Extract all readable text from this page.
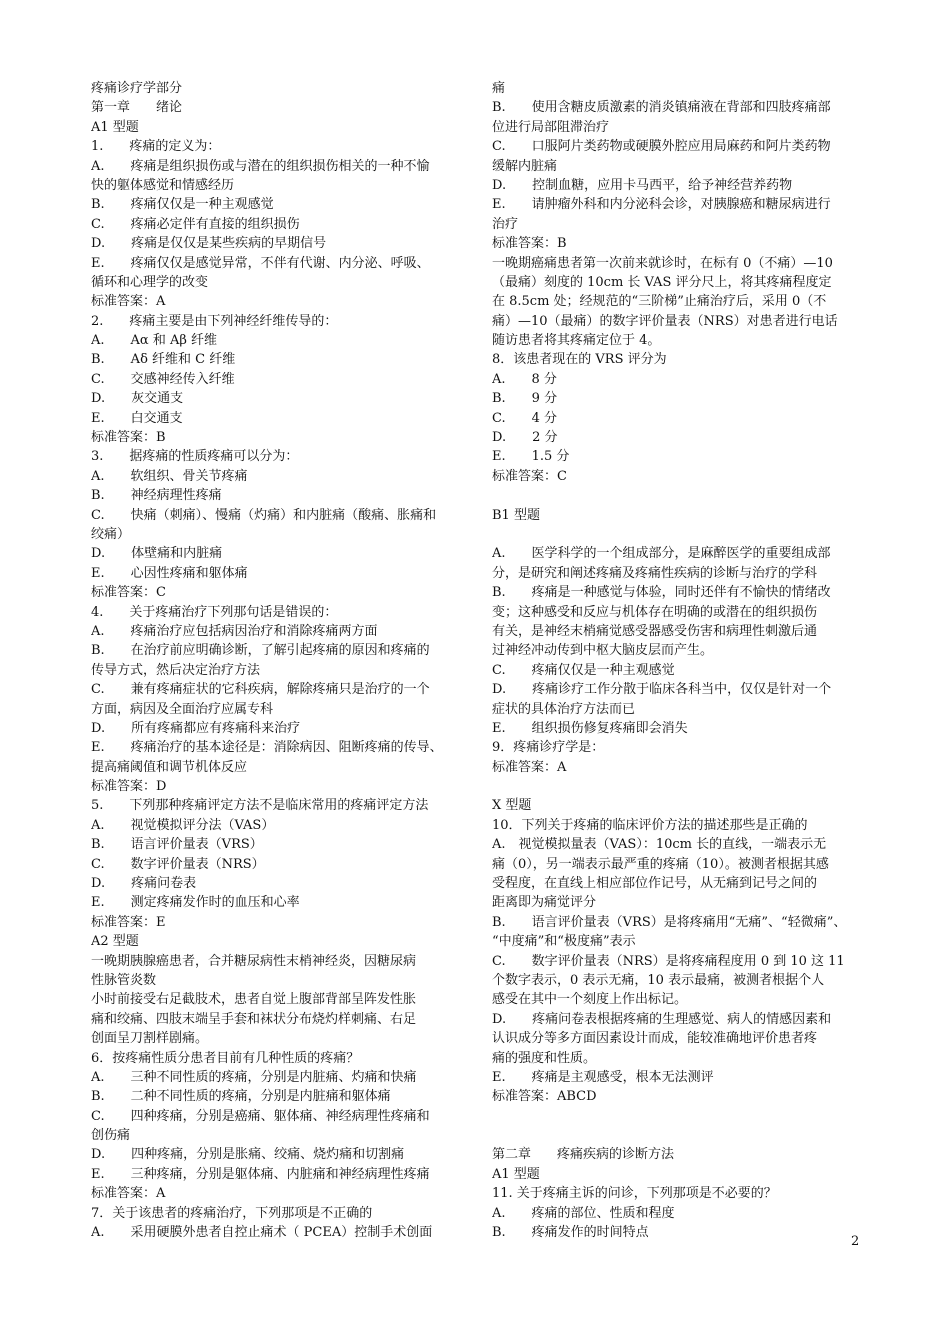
疼痛诊疗学部分
第一章　　绪论
A1 型题
1.　　疼痛的定义为：
A.　　疼痛是组织损伤或与潜在的组织损伤相关的一种不愉
快的躯体感觉和情感经历
B.　　疼痛仅仅是一种主观感觉
C.　　疼痛必定伴有直接的组织损伤
D.　　疼痛是仅仅是某些疾病的早期信号
E.　　疼痛仅仅是感觉异常，不伴有代谢、内分泌、呼吸、
循环和心理学的改变
标准答案：A
2.　　疼痛主要是由下列神经纤维传导的：
A.　　Aα 和 Aβ 纤维
B.　　Aδ 纤维和 C 纤维
C.　　交感神经传入纤维
D.　　灰交通支
E.　　白交通支
标准答案：B
3.　　据疼痛的性质疼痛可以分为：
A.　　软组织、骨关节疼痛
B.　　神经病理性疼痛
C.　　快痛（刺痛）、慢痛（灼痛）和内脏痛（酸痛、胀痛和
绞痛）
D.　　体壁痛和内脏痛
E.　　心因性疼痛和躯体痛
标准答案：C
4.　　关于疼痛治疗下列那句话是错误的：
A.　　疼痛治疗应包括病因治疗和消除疼痛两方面
B.　　在治疗前应明确诊断，了解引起疼痛的原因和疼痛的
传导方式，然后决定治疗方法
C.　　兼有疼痛症状的它科疾病，解除疼痛只是治疗的一个
方面，病因及全面治疗应属专科
D.　　所有疼痛都应有疼痛科来治疗
E.　　疼痛治疗的基本途径是：消除病因、阻断疼痛的传导、
提高痛阈值和调节机体反应
标准答案：D
5.　　下列那种疼痛评定方法不是临床常用的疼痛评定方法
A.　　视觉模拟评分法（VAS）
B.　　语言评价量表（VRS）
C.　　数字评价量表（NRS）
D.　　疼痛问卷表
E.　　测定疼痛发作时的血压和心率
标准答案：E
A2 型题
一晚期胰腺癌患者，合并糖尿病性末梢神经炎，因糖尿病
性脉管炎数
小时前接受右足截肢术，患者自觉上腹部背部呈阵发性胀
痛和绞痛、四肢末端呈手套和袜状分布烧灼样刺痛、右足
创面呈刀割样剧痛。
6．按疼痛性质分患者目前有几种性质的疼痛？
A.　　三种不同性质的疼痛，分别是内脏痛、灼痛和快痛
B.　　二种不同性质的疼痛，分别是内脏痛和躯体痛
C.　　四种疼痛，分别是癌痛、躯体痛、神经病理性疼痛和
创伤痛
D.　　四种疼痛，分别是胀痛、绞痛、烧灼痛和切割痛
E.　　三种疼痛，分别是躯体痛、内脏痛和神经病理性疼痛
标准答案：A
7．关于该患者的疼痛治疗，下列那项是不正确的
A.　　采用硬膜外患者自控止痛术（ PCEA）控制手术创面
痛
B.　　使用含糖皮质激素的消炎镇痛液在背部和四肢疼痛部
位进行局部阻滞治疗
C.　　口服阿片类药物或硬膜外腔应用局麻药和阿片类药物
缓解内脏痛
D.　　控制血糖，应用卡马西平，给予神经营养药物
E.　　请肿瘤外科和内分泌科会诊，对胰腺癌和糖尿病进行
治疗
标准答案：B
一晚期癌痛患者第一次前来就诊时，在标有 0（不痛）—10
（最痛）刻度的 10cm 长 VAS 评分尺上，将其疼痛程度定
在 8.5cm 处；经规范的“三阶梯”止痛治疗后，采用 0（不
痛）—10（最痛）的数字评价量表（NRS）对患者进行电话
随访患者将其疼痛定位于 4。
8．该患者现在的 VRS 评分为
A.　　8 分
B.　　9 分
C.　　4 分
D.　　2 分
E.　　1.5 分
标准答案：C
B1 型题
A.　　医学科学的一个组成部分，是麻醉医学的重要组成部
分，是研究和阐述疼痛及疼痛性疾病的诊断与治疗的学科
B.　　疼痛是一种感觉与体验，同时还伴有不愉快的情绪改
变；这种感受和反应与机体存在明确的或潜在的组织损伤
有关，是神经末梢痛觉感受器感受伤害和病理性刺激后通
过神经冲动传到中枢大脑皮层而产生。
C.　　疼痛仅仅是一种主观感觉
D.　　疼痛诊疗工作分散于临床各科当中，仅仅是针对一个
症状的具体治疗方法而已
E.　　组织损伤修复疼痛即会消失
9．疼痛诊疗学是：
标准答案：A
X 型题
10．下列关于疼痛的临床评价方法的描述那些是正确的
A.　视觉模拟量表（VAS）：10cm 长的直线，一端表示无
痛（0），另一端表示最严重的疼痛（10）。被测者根据其感
受程度，在直线上相应部位作记号，从无痛到记号之间的
距离即为痛觉评分
B.　　语言评价量表（VRS）是将疼痛用“无痛”、“轻微痛”、
“中度痛”和“极度痛”表示
C.　　数字评价量表（NRS）是将疼痛程度用 0 到 10 这 11
个数字表示，0 表示无痛，10 表示最痛，被测者根据个人
感受在其中一个刻度上作出标记。
D.　　疼痛问卷表根据疼痛的生理感觉、病人的情感因素和
认识成分等多方面因素设计而成，能较准确地评价患者疼
痛的强度和性质。
E.　　疼痛是主观感受，根本无法测评
标准答案：ABCD
第二章　　疼痛疾病的诊断方法
A1 型题
11. 关于疼痛主诉的问诊，下列那项是不必要的？
A.　　疼痛的部位、性质和程度
B.　　疼痛发作的时间特点
2
